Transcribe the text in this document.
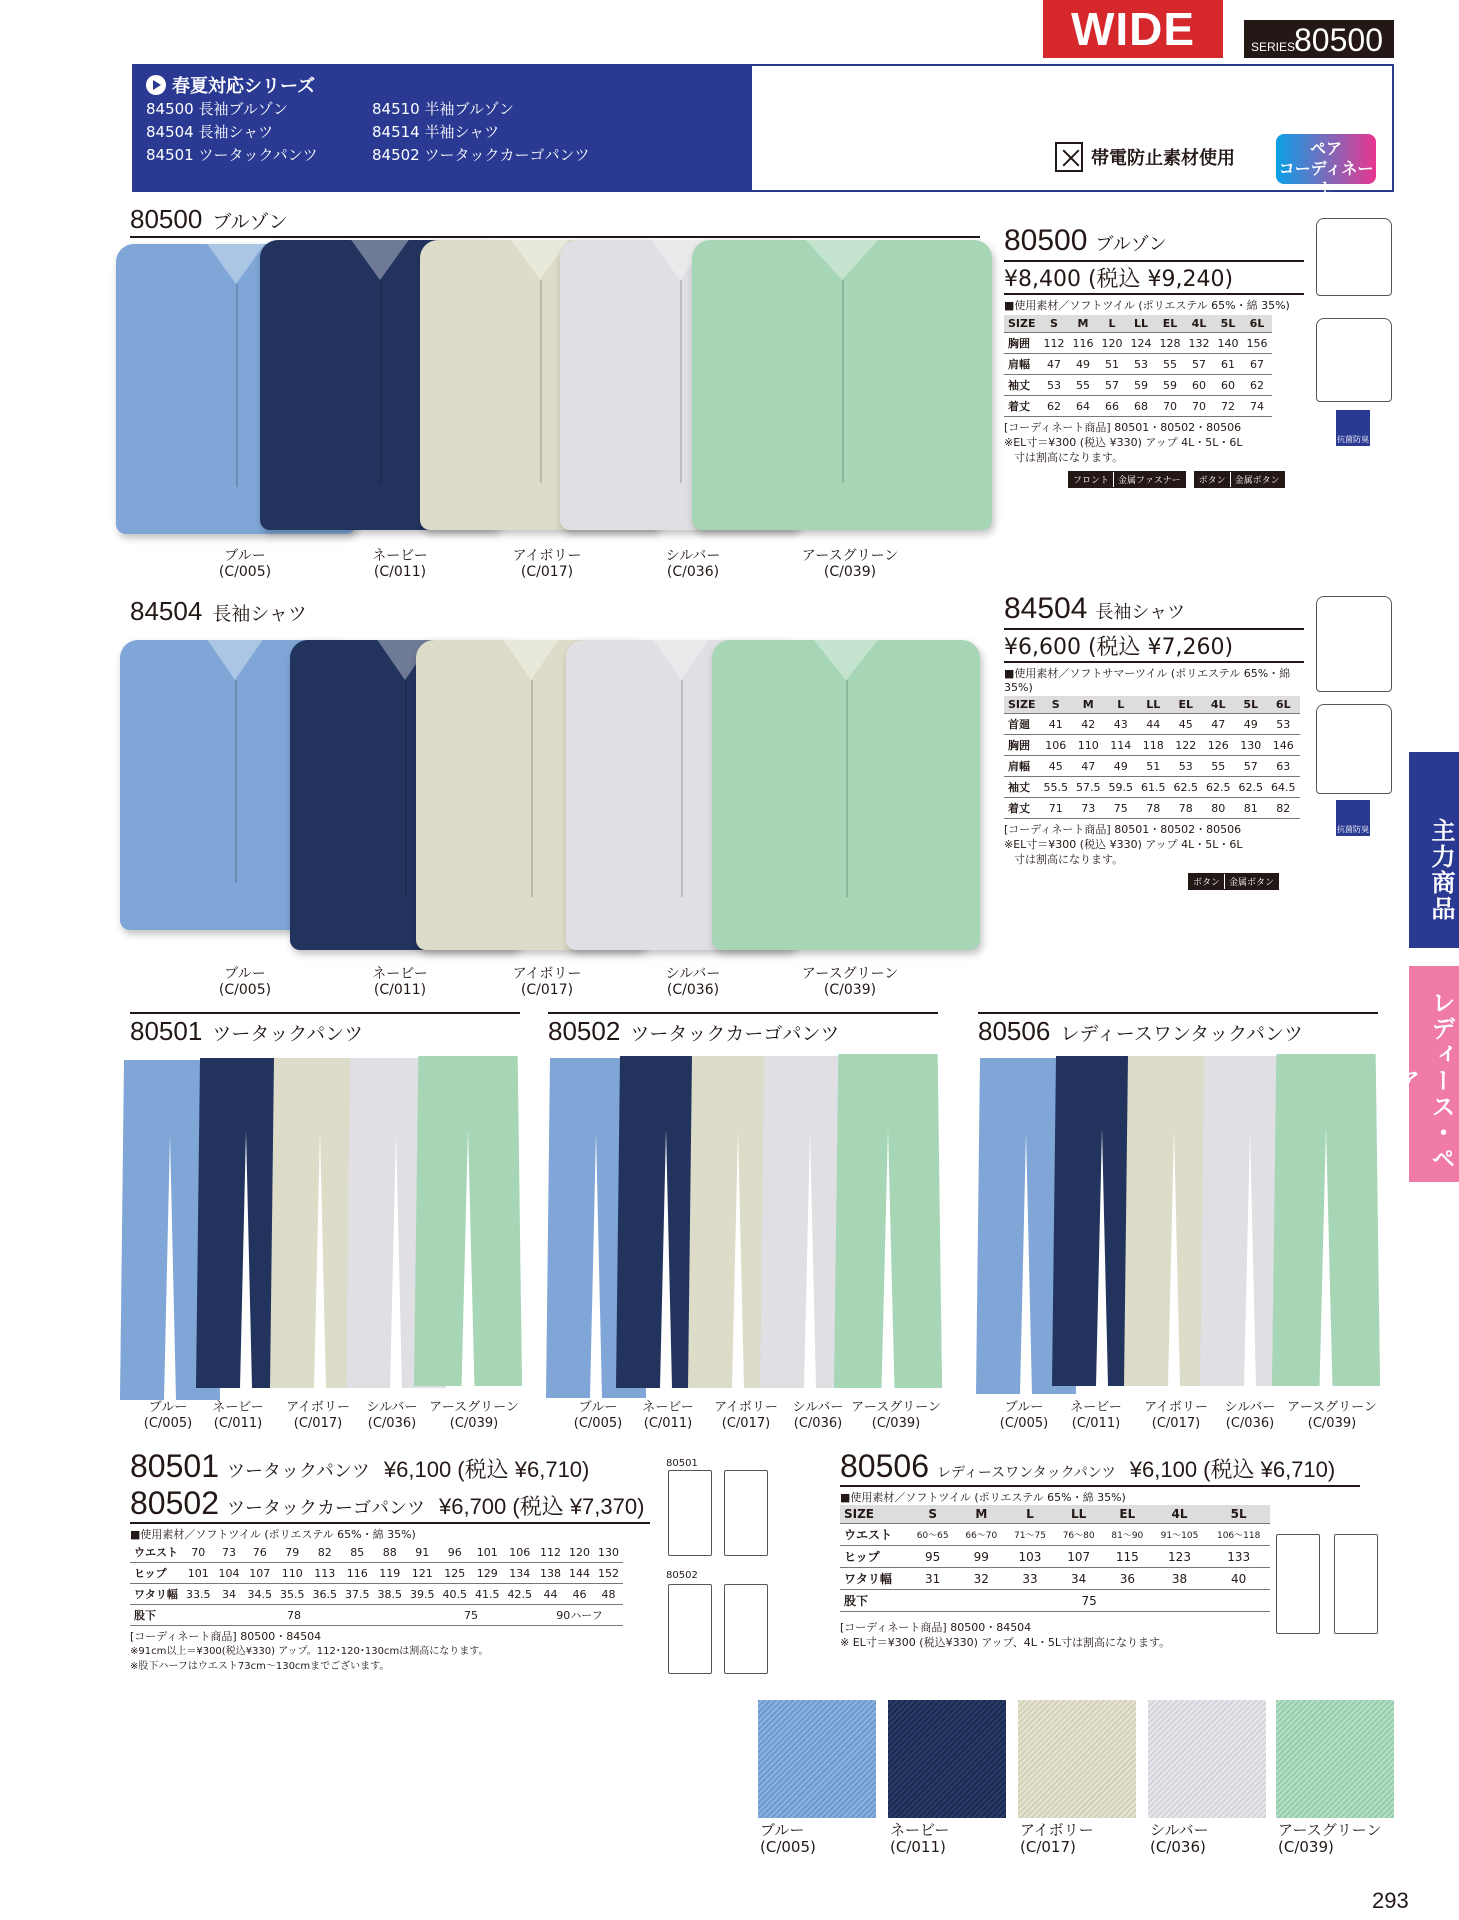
WIDE	SERIES
80500
春夏対応シリーズ
84500 長袖ブルゾン
84504 長袖シャツ
84501 ツータックパンツ
84510 半袖ブルゾン
84514 半袖シャツ
84502 ツータックカーゴパンツ	帯電防止素材使用	ペア
コーディネート
80500 ブルゾン
ブルー
(C/005)
ネービー
(C/011)
アイボリー
(C/017)
シルバー
(C/036)
アースグリーン
(C/039)
80500 ブルゾン
¥8,400 (税込 ¥9,240)
■使用素材／ソフトツイル (ポリエステル 65%・綿 35%)
SIZE	S	M	L	LL	EL	4L	5L	6L
胸囲	112	116	120	124	128	132	140	156
肩幅	47	49	51	53	55	57	61	67
袖丈	53	55	57	59	59	60	60	62
着丈	62	64	66	68	70	70	72	74
[コーディネート商品] 80501・80502・80506
※EL寸＝¥300 (税込 ¥330) アップ 4L・5L・6L
寸は割高になります。
フロント	金属ファスナー	ボタン	金属ボタン
抗菌防臭
84504 長袖シャツ
ブルー
(C/005)
ネービー
(C/011)
アイボリー
(C/017)
シルバー
(C/036)
アースグリーン
(C/039)
84504 長袖シャツ
¥6,600 (税込 ¥7,260)
■使用素材／ソフトサマーツイル (ポリエステル 65%・綿 35%)
SIZE	S	M	L	LL	EL	4L	5L	6L
首廻	41	42	43	44	45	47	49	53
胸囲	106	110	114	118	122	126	130	146
肩幅	45	47	49	51	53	55	57	63
袖丈	55.5	57.5	59.5	61.5	62.5	62.5	62.5	64.5
着丈	71	73	75	78	78	80	81	82
[コーディネート商品] 80501・80502・80506
※EL寸＝¥300 (税込 ¥330) アップ 4L・5L・6L
寸は割高になります。
ボタン	金属ボタン
抗菌防臭
80501 ツータックパンツ	80502 ツータックカーゴパンツ	80506 レディースワンタックパンツ
ブルー
(C/005)
ネービー
(C/011)
アイボリー
(C/017)
シルバー
(C/036)
アースグリーン
(C/039)
ブルー
(C/005)
ネービー
(C/011)
アイボリー
(C/017)
シルバー
(C/036)
アースグリーン
(C/039)
ブルー
(C/005)
ネービー
(C/011)
アイボリー
(C/017)
シルバー
(C/036)
アースグリーン
(C/039)
80501 ツータックパンツ ¥6,100 (税込 ¥6,710)
80502 ツータックカーゴパンツ ¥6,700 (税込 ¥7,370)
■使用素材／ソフトツイル (ポリエステル 65%・綿 35%)
ウエスト	70	73	76	79	82	85	88	91	96	101	106	112	120	130
ヒップ	101	104	107	110	113	116	119	121	125	129	134	138	144	152
ワタリ幅	33.5	34	34.5	35.5	36.5	37.5	38.5	39.5	40.5	41.5	42.5	44	46	48
股下	78							75				90ハーフ		
[コーディネート商品] 80500・84504
※91cm以上＝¥300(税込¥330) アップ。112･120･130cmは割高になります。
※股下ハーフはウエスト73cm～130cmまでございます。
80501
80502
80506 レディースワンタックパンツ ¥6,100 (税込 ¥6,710)
■使用素材／ソフトツイル (ポリエステル 65%・綿 35%)
SIZE	S	M	L	LL	EL	4L	5L
ウエスト	60～65	66～70	71～75	76～80	81～90	91～105	106～118
ヒップ	95	99	103	107	115	123	133
ワタリ幅	31	32	33	34	36	38	40
股下	75						
[コーディネート商品] 80500・84504
※ EL寸＝¥300 (税込¥330) アップ、4L・5L寸は割高になります。
主力商品
レディース・ペア
ブルー
(C/005)
ネービー
(C/011)
アイボリー
(C/017)
シルバー
(C/036)
アースグリーン
(C/039)
293
